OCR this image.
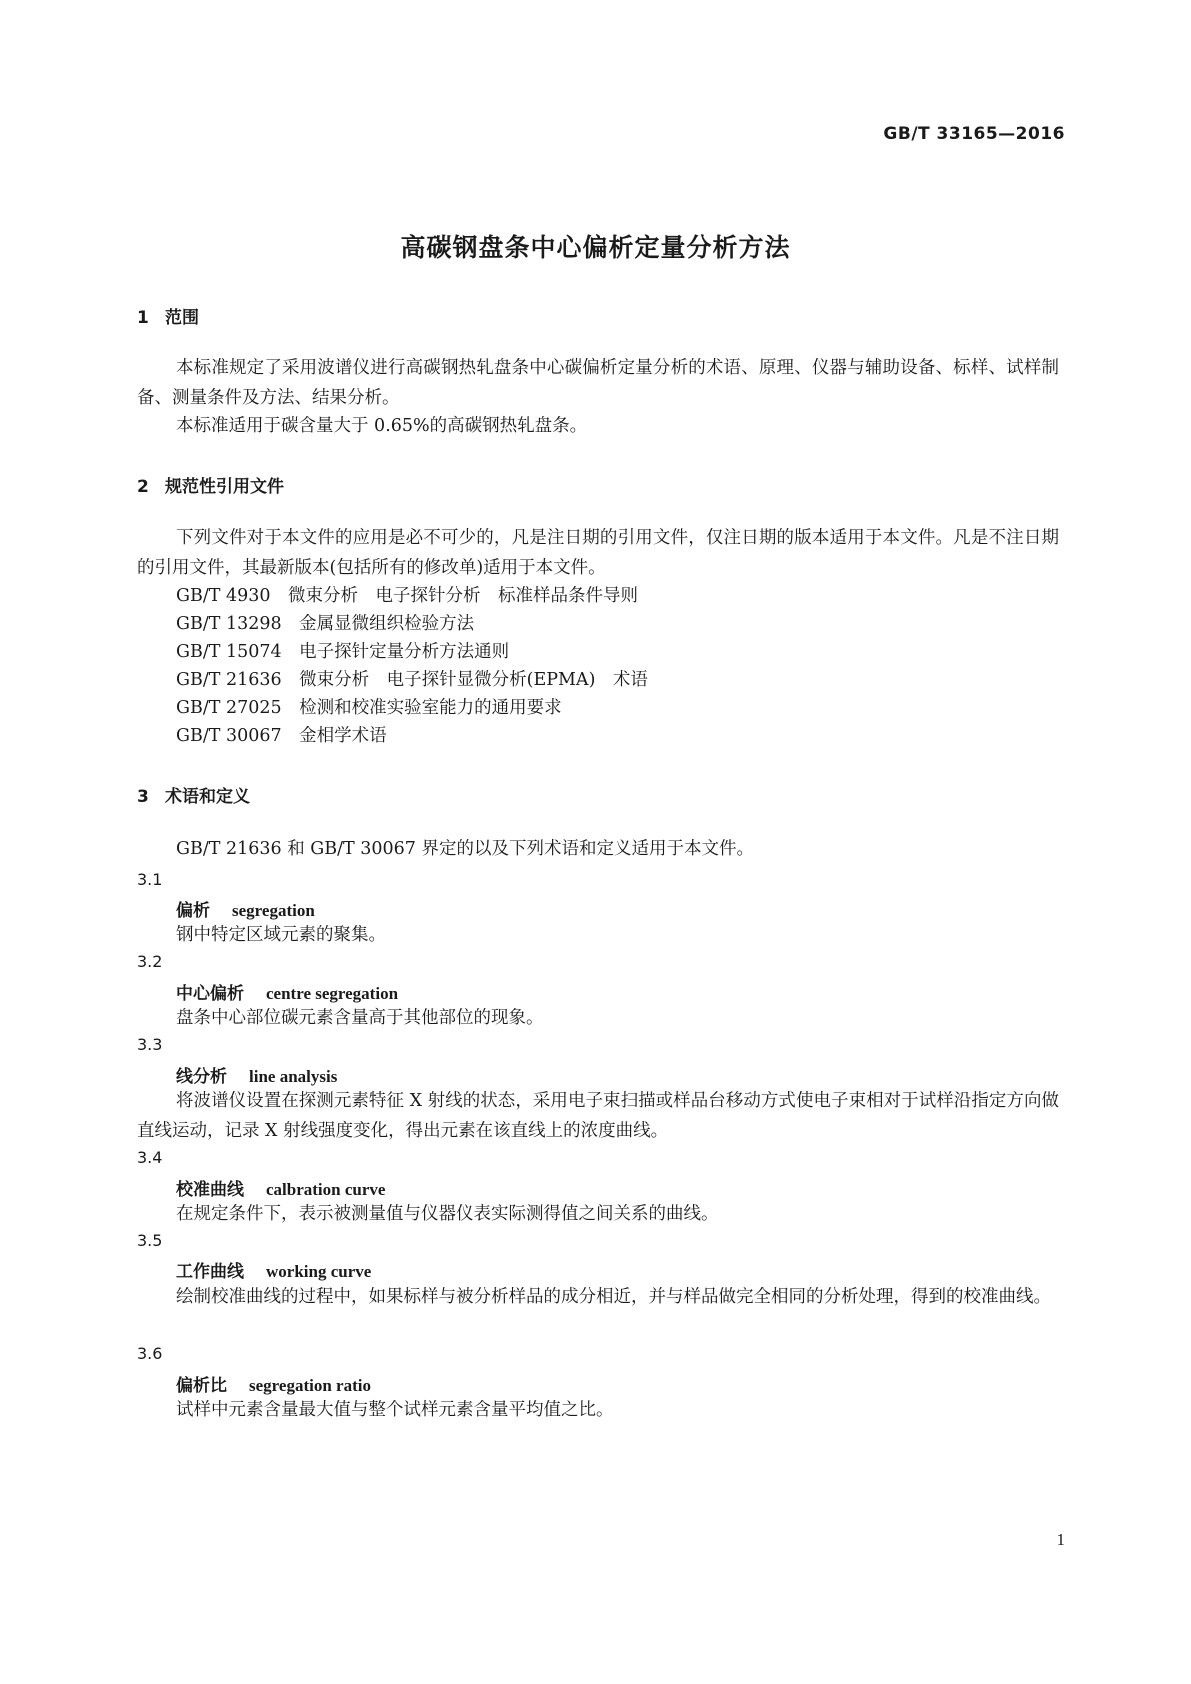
GB/T 33165—2016
高碳钢盘条中心偏析定量分析方法
1 范围
本标准规定了采用波谱仪进行高碳钢热轧盘条中心碳偏析定量分析的术语、原理、仪器与辅助设备、标样、试样制备、测量条件及方法、结果分析。
本标准适用于碳含量大于 0.65%的高碳钢热轧盘条。
2 规范性引用文件
下列文件对于本文件的应用是必不可少的，凡是注日期的引用文件，仅注日期的版本适用于本文件。凡是不注日期的引用文件，其最新版本(包括所有的修改单)适用于本文件。
GB/T 4930　微束分析　电子探针分析　标准样品条件导则
GB/T 13298　金属显微组织检验方法
GB/T 15074　电子探针定量分析方法通则
GB/T 21636　微束分析　电子探针显微分析(EPMA)　术语
GB/T 27025　检测和校准实验室能力的通用要求
GB/T 30067　金相学术语
3 术语和定义
GB/T 21636 和 GB/T 30067 界定的以及下列术语和定义适用于本文件。
3.1
偏析 segregation
钢中特定区域元素的聚集。
3.2
中心偏析 centre segregation
盘条中心部位碳元素含量高于其他部位的现象。
3.3
线分析 line analysis
将波谱仪设置在探测元素特征 X 射线的状态，采用电子束扫描或样品台移动方式使电子束相对于试样沿指定方向做直线运动，记录 X 射线强度变化，得出元素在该直线上的浓度曲线。
3.4
校准曲线 calbration curve
在规定条件下，表示被测量值与仪器仪表实际测得值之间关系的曲线。
3.5
工作曲线 working curve
绘制校准曲线的过程中，如果标样与被分析样品的成分相近，并与样品做完全相同的分析处理，得到的校准曲线。
3.6
偏析比 segregation ratio
试样中元素含量最大值与整个试样元素含量平均值之比。
1
